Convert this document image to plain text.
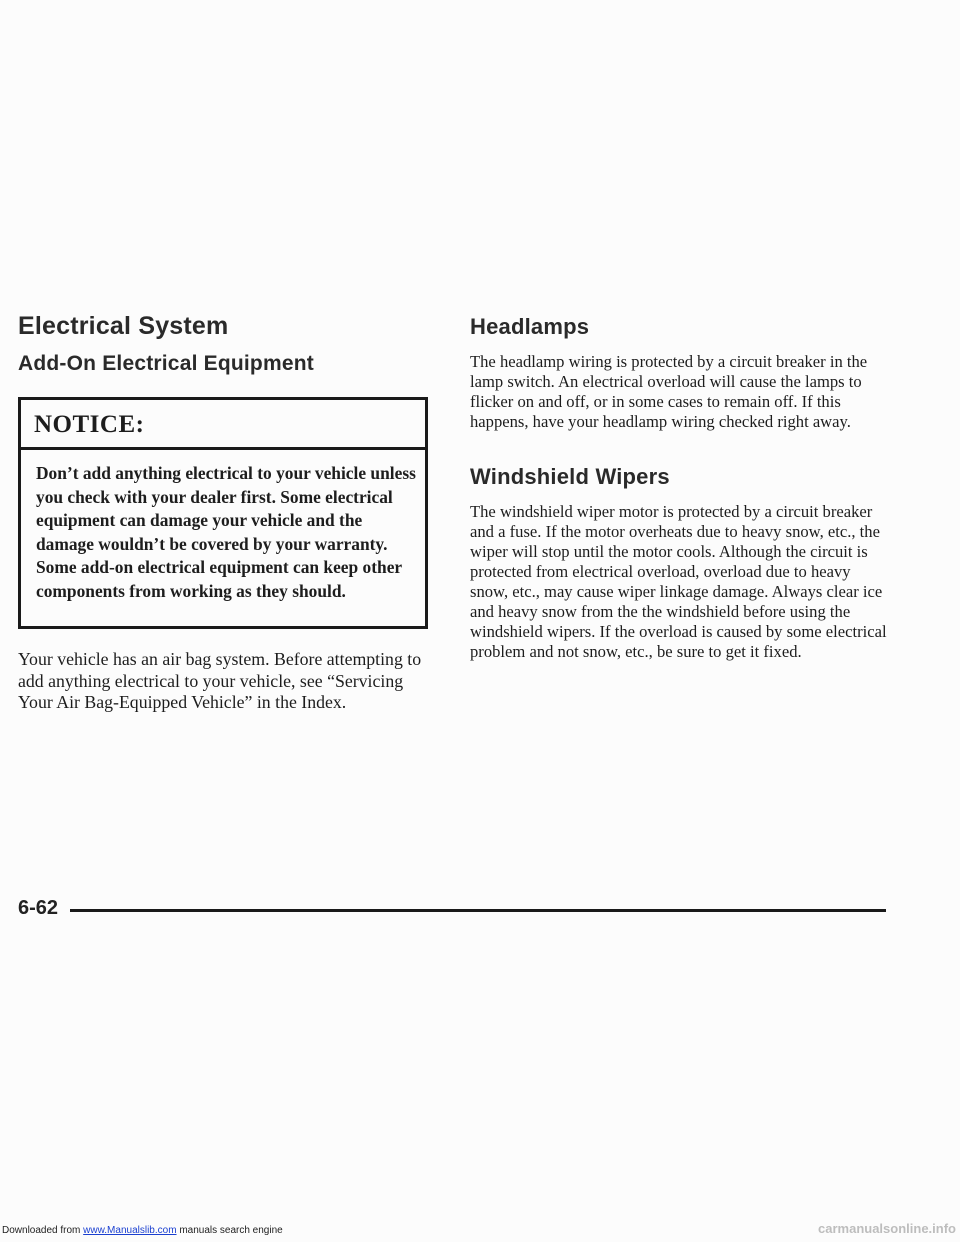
Electrical System
Add-On Electrical Equipment
NOTICE:
Don’t add anything electrical to your vehicle unless you check with your dealer first. Some electrical equipment can damage your vehicle and the damage wouldn’t be covered by your warranty. Some add-on electrical equipment can keep other components from working as they should.
Your vehicle has an air bag system. Before attempting to add anything electrical to your vehicle, see “Servicing Your Air Bag-Equipped Vehicle” in the Index.
Headlamps
The headlamp wiring is protected by a circuit breaker in the lamp switch. An electrical overload will cause the lamps to flicker on and off, or in some cases to remain off. If this happens, have your headlamp wiring checked right away.
Windshield Wipers
The windshield wiper motor is protected by a circuit breaker and a fuse. If the motor overheats due to heavy snow, etc., the wiper will stop until the motor cools. Although the circuit is protected from electrical overload, overload due to heavy snow, etc., may cause wiper linkage damage. Always clear ice and heavy snow from the the windshield before using the windshield wipers. If the overload is caused by some electrical problem and not snow, etc., be sure to get it fixed.
6-62
Downloaded from www.Manualslib.com manuals search engine	carmanualsonline.info
